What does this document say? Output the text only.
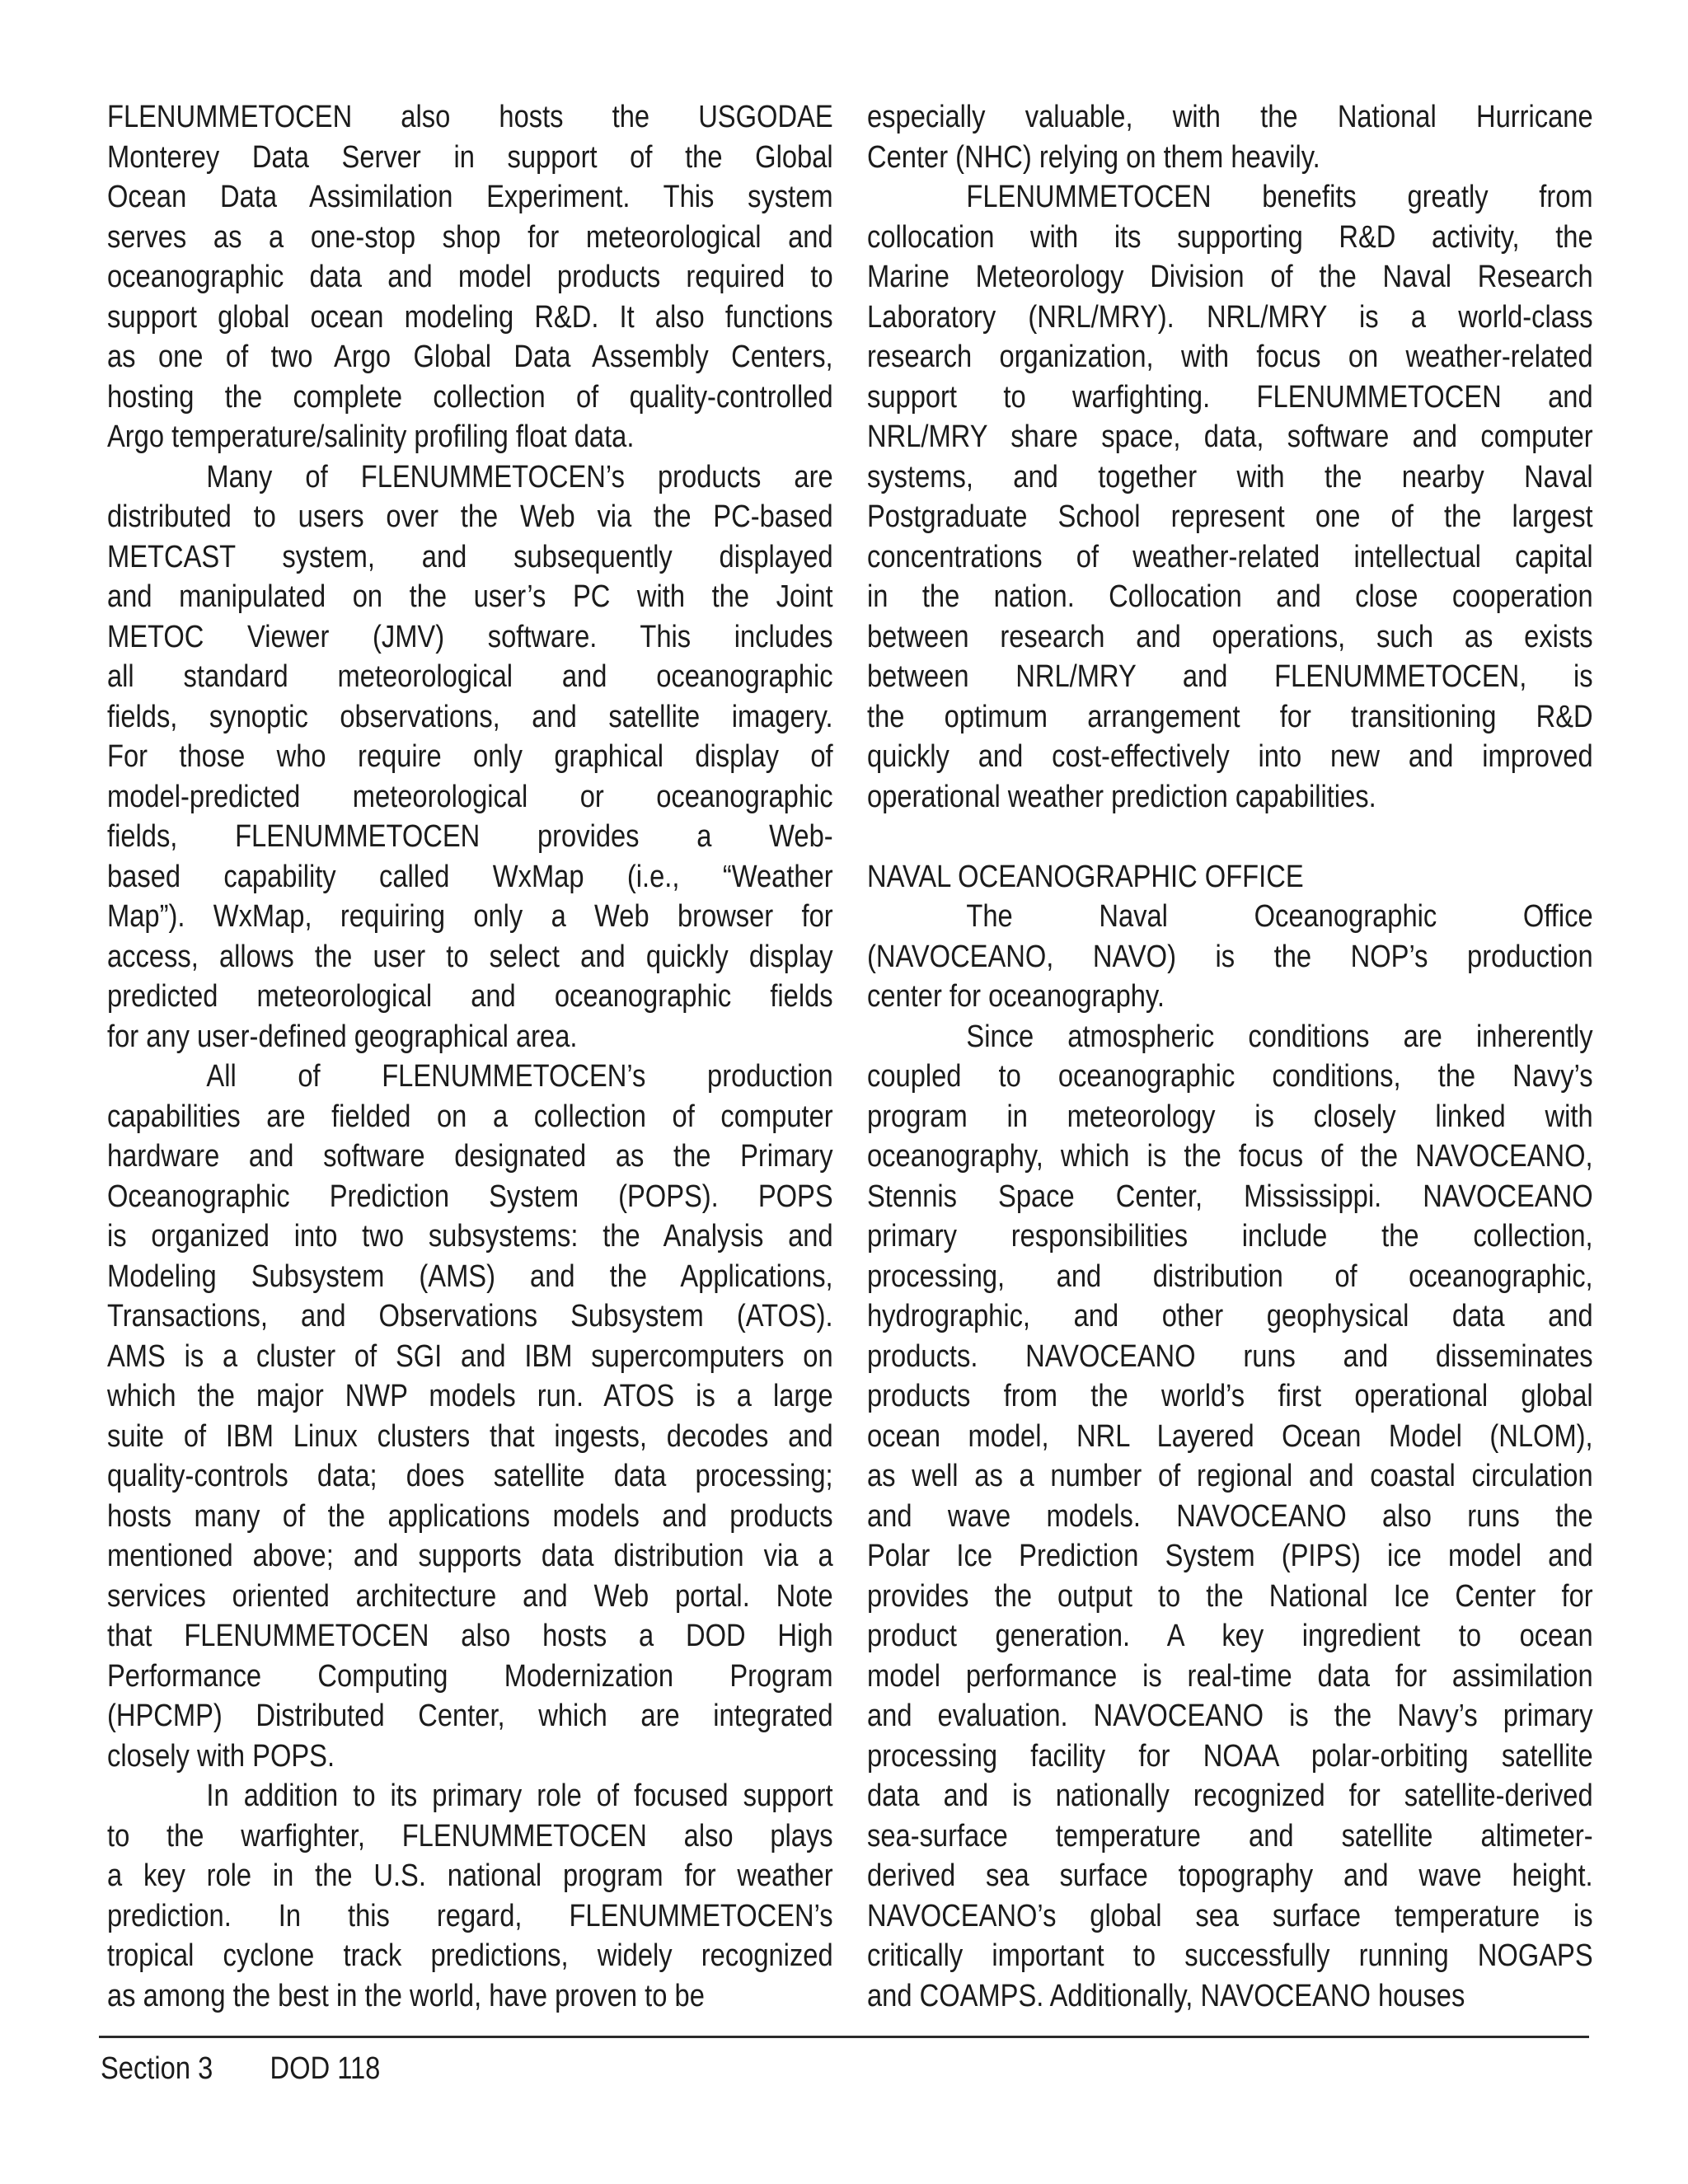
FLENUMMETOCEN also hosts the USGODAE
Monterey Data Server in support of the Global
Ocean Data Assimilation Experiment. This system
serves as a one-stop shop for meteorological and
oceanographic data and model products required to
support global ocean modeling R&D. It also functions
as one of two Argo Global Data Assembly Centers,
hosting the complete collection of quality-controlled
Argo temperature/salinity profiling float data.
Many of FLENUMMETOCEN’s products are
distributed to users over the Web via the PC-based
METCAST system, and subsequently displayed
and manipulated on the user’s PC with the Joint
METOC Viewer (JMV) software. This includes
all standard meteorological and oceanographic
fields, synoptic observations, and satellite imagery.
For those who require only graphical display of
model-predicted meteorological or oceanographic
fields, FLENUMMETOCEN provides a Web-
based capability called WxMap (i.e., “Weather
Map”). WxMap, requiring only a Web browser for
access, allows the user to select and quickly display
predicted meteorological and oceanographic fields
for any user-defined geographical area.
All of FLENUMMETOCEN’s production
capabilities are fielded on a collection of computer
hardware and software designated as the Primary
Oceanographic Prediction System (POPS). POPS
is organized into two subsystems: the Analysis and
Modeling Subsystem (AMS) and the Applications,
Transactions, and Observations Subsystem (ATOS).
AMS is a cluster of SGI and IBM supercomputers on
which the major NWP models run. ATOS is a large
suite of IBM Linux clusters that ingests, decodes and
quality-controls data; does satellite data processing;
hosts many of the applications models and products
mentioned above; and supports data distribution via a
services oriented architecture and Web portal. Note
that FLENUMMETOCEN also hosts a DOD High
Performance Computing Modernization Program
(HPCMP) Distributed Center, which are integrated
closely with POPS.
In addition to its primary role of focused support
to the warfighter, FLENUMMETOCEN also plays
a key role in the U.S. national program for weather
prediction. In this regard, FLENUMMETOCEN’s
tropical cyclone track predictions, widely recognized
as among the best in the world, have proven to be
especially valuable, with the National Hurricane
Center (NHC) relying on them heavily.
FLENUMMETOCEN benefits greatly from
collocation with its supporting R&D activity, the
Marine Meteorology Division of the Naval Research
Laboratory (NRL/MRY). NRL/MRY is a world-class
research organization, with focus on weather-related
support to warfighting. FLENUMMETOCEN and
NRL/MRY share space, data, software and computer
systems, and together with the nearby Naval
Postgraduate School represent one of the largest
concentrations of weather-related intellectual capital
in the nation. Collocation and close cooperation
between research and operations, such as exists
between NRL/MRY and FLENUMMETOCEN, is
the optimum arrangement for transitioning R&D
quickly and cost-effectively into new and improved
operational weather prediction capabilities.
NAVAL OCEANOGRAPHIC OFFICE
The Naval Oceanographic Office
(NAVOCEANO, NAVO) is the NOP’s production
center for oceanography.
Since atmospheric conditions are inherently
coupled to oceanographic conditions, the Navy’s
program in meteorology is closely linked with
oceanography, which is the focus of the NAVOCEANO,
Stennis Space Center, Mississippi. NAVOCEANO
primary responsibilities include the collection,
processing, and distribution of oceanographic,
hydrographic, and other geophysical data and
products. NAVOCEANO runs and disseminates
products from the world’s first operational global
ocean model, NRL Layered Ocean Model (NLOM),
as well as a number of regional and coastal circulation
and wave models. NAVOCEANO also runs the
Polar Ice Prediction System (PIPS) ice model and
provides the output to the National Ice Center for
product generation. A key ingredient to ocean
model performance is real-time data for assimilation
and evaluation. NAVOCEANO is the Navy’s primary
processing facility for NOAA polar-orbiting satellite
data and is nationally recognized for satellite-derived
sea-surface temperature and satellite altimeter-
derived sea surface topography and wave height.
NAVOCEANO’s global sea surface temperature is
critically important to successfully running NOGAPS
and COAMPS. Additionally, NAVOCEANO houses
Section 3 DOD 118
